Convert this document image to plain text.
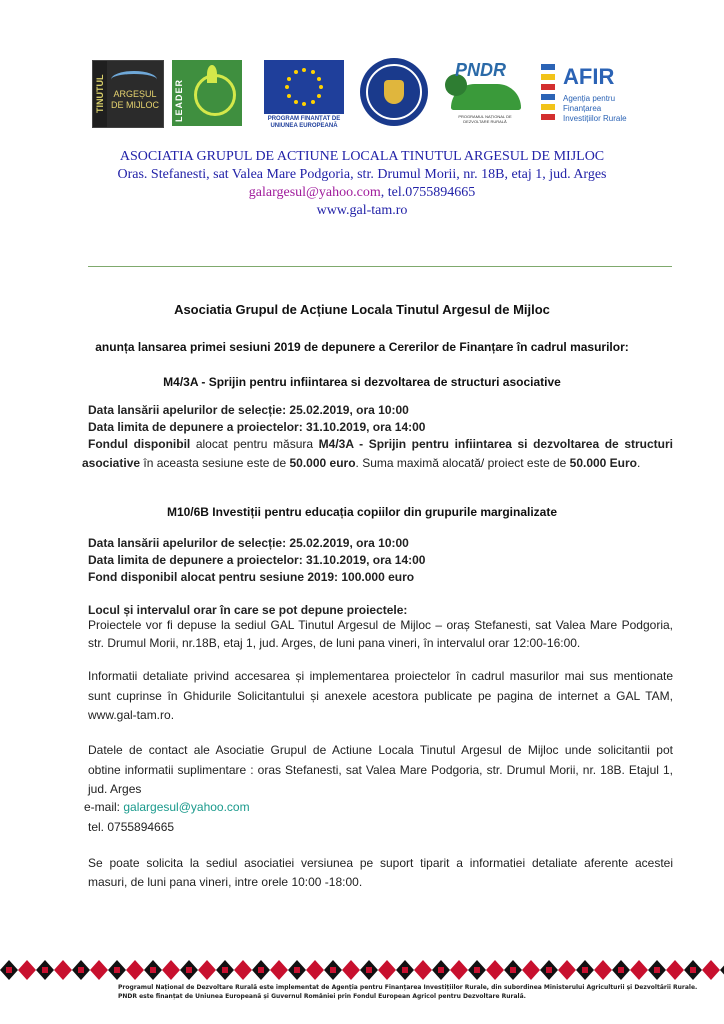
TINUTUL ARGEȘUL
DE MIJLOC LEADER	PROGRAM FINANȚAT DE
UNIUNEA EUROPEANĂ
PNDR
PROGRAMUL NAȚIONAL DE DEZVOLTARE RURALĂ
AFIR
Agenția pentru Finanțarea Investițiilor Rurale
ASOCIATIA GRUPUL DE ACTIUNE LOCALA TINUTUL ARGESUL DE MIJLOC
Oras. Stefanesti, sat Valea Mare Podgoria, str. Drumul Morii, nr. 18B, etaj 1, jud. Arges
galargesul@yahoo.com, tel.0755894665
www.gal-tam.ro
Asociatia Grupul de Acțiune Locala Tinutul Argesul de Mijloc
anunța lansarea primei sesiuni 2019 de depunere a Cererilor de Finanțare în cadrul masurilor:
M4/3A - Sprijin pentru infiintarea si dezvoltarea de structuri asociative
Data lansării apelurilor de selecție: 25.02.2019, ora 10:00
Data limita de depunere a proiectelor: 31.10.2019, ora 14:00
Fondul disponibil alocat pentru măsura M4/3A - Sprijin pentru infiintarea si dezvoltarea de structuri
asociative în aceasta sesiune este de 50.000 euro. Suma maximă alocată/ proiect este de 50.000 Euro.
M10/6B Investiții pentru educația copiilor din grupurile marginalizate
Data lansării apelurilor de selecție: 25.02.2019, ora 10:00
Data limita de depunere a proiectelor: 31.10.2019, ora 14:00
Fond disponibil alocat pentru sesiune 2019: 100.000 euro
Locul și intervalul orar în care se pot depune proiectele:
Proiectele vor fi depuse la sediul GAL Tinutul Argesul de Mijloc – oraș Stefanesti, sat Valea Mare Podgoria,
str. Drumul Morii, nr.18B, etaj 1, jud. Arges, de luni pana vineri, în intervalul orar 12:00-16:00.
Informatii detaliate privind accesarea și implementarea proiectelor în cadrul masurilor mai sus mentionate
sunt cuprinse în Ghidurile Solicitantului și anexele acestora publicate pe pagina de internet a GAL TAM,
www.gal-tam.ro.
Datele de contact ale Asociatie Grupul de Actiune Locala Tinutul Argesul de Mijloc unde solicitantii pot
obtine informatii suplimentare : oras Stefanesti, sat Valea Mare Podgoria, str. Drumul Morii, nr. 18B. Etajul 1,
jud. Arges
e-mail: galargesul@yahoo.com
tel. 0755894665
Se poate solicita la sediul asociatiei versiunea pe suport tiparit a informatiei detaliate aferente acestei
masuri, de luni pana vineri, intre orele 10:00 -18:00.
Programul Național de Dezvoltare Rurală este implementat de Agenția pentru Finanțarea Investițiilor Rurale, din subordinea Ministerului Agriculturii și Dezvoltării Rurale.
PNDR este finanțat de Uniunea Europeană și Guvernul României prin Fondul European Agricol pentru Dezvoltare Rurală.
